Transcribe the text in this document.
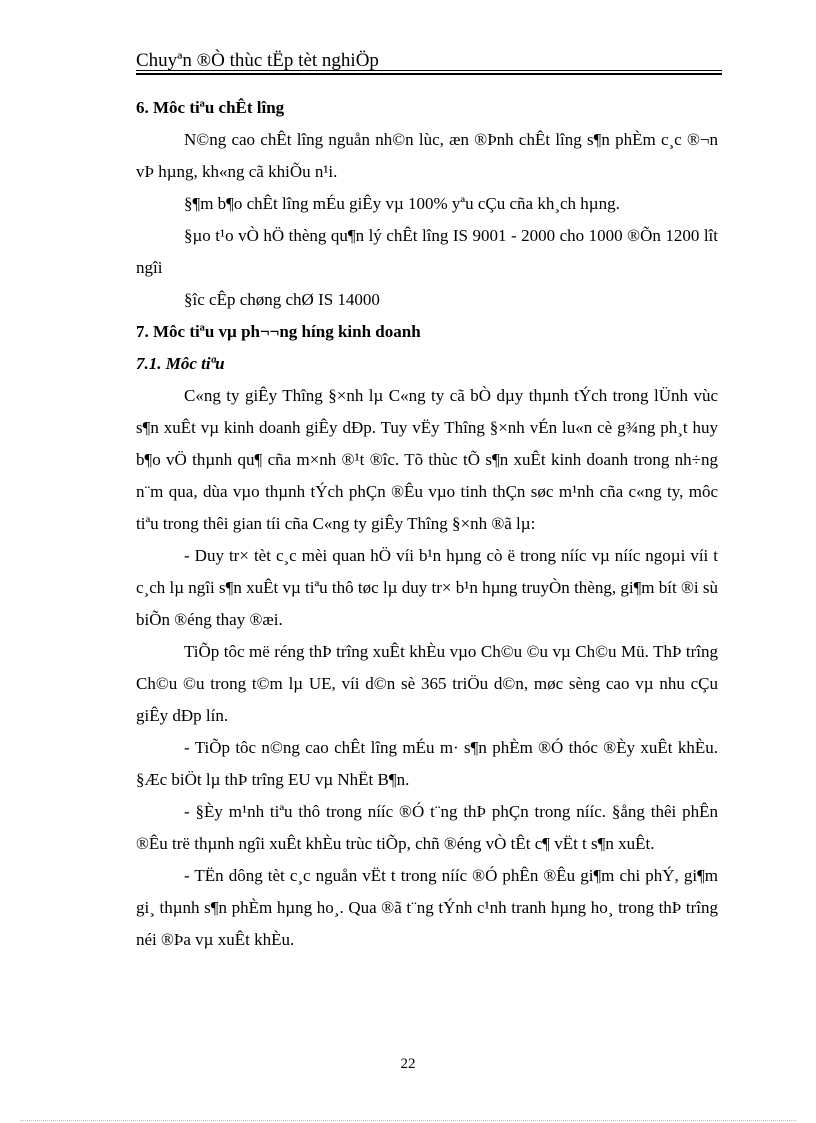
Chuyªn ®Ò thùc tËp tèt nghiÖp

6. Môc tiªu chÊt lîng

N©ng cao chÊt lîng nguån nh©n lùc, æn ®Þnh chÊt lîng s¶n phÈm c¸c ®¬n vÞ hµng, kh«ng cã khiÕu n¹i.

§¶m b¶o chÊt lîng mÉu giÊy vµ 100% yªu cÇu cña kh¸ch hµng.

§µo t¹o vÒ hÖ thèng qu¶n lý chÊt lîng IS 9001 - 2000 cho 1000 ®Õn 1200 lît ngîi

§îc cÊp chøng chØ IS 14000

7. Môc tiªu vµ ph¬¬ng híng kinh doanh

7.1. Môc tiªu

C«ng ty giÊy Thîng §×nh lµ C«ng ty cã bÒ dµy thµnh tÝch trong lÜnh vùc s¶n xuÊt vµ kinh doanh giÊy dÐp. Tuy vËy Thîng §×nh vÉn lu«n cè g¾ng ph¸t huy b¶o vÖ thµnh qu¶ cña m×nh ®¹t ®îc. Tõ thùc tÕ s¶n xuÊt kinh doanh trong nh÷ng n¨m qua, dùa vµo thµnh tÝch phÇn ®Êu vµo tinh thÇn søc m¹nh cña c«ng ty, môc tiªu trong thêi gian tíi cña C«ng ty giÊy Thîng §×nh ®ã lµ:

- Duy tr× tèt c¸c mèi quan hÖ víi b¹n hµng cò ë trong nííc vµ nííc ngoµi víi t c¸ch lµ ngîi s¶n xuÊt vµ tiªu thô tøc lµ duy tr× b¹n hµng truyÒn thèng, gi¶m bít ®i sù biÕn ®éng thay ®æi.

TiÕp tôc më réng thÞ trîng xuÊt khÈu vµo Ch©u ©u vµ Ch©u Mü. ThÞ trîng Ch©u ©u trong t©m lµ UE, víi d©n sè 365 triÖu d©n, møc sèng cao vµ nhu cÇu giÊy dÐp lín.

- TiÕp tôc n©ng cao chÊt lîng mÉu m· s¶n phÈm ®Ó thóc ®Èy xuÊt khÈu. §Æc biÖt lµ thÞ trîng EU vµ NhËt B¶n.

- §Èy m¹nh tiªu thô trong nííc ®Ó t¨ng thÞ phÇn trong nííc. §ång thêi phÊn ®Êu trë thµnh ngîi xuÊt khÈu trùc tiÕp, chñ ®éng vÒ tÊt c¶ vËt t s¶n xuÊt.

- TËn dông tèt c¸c nguån vËt t trong nííc ®Ó phÊn ®Êu gi¶m chi phÝ, gi¶m gi¸ thµnh s¶n phÈm hµng ho¸. Qua ®ã t¨ng tÝnh c¹nh tranh hµng ho¸ trong thÞ trîng néi ®Þa vµ xuÊt khÈu.

22
